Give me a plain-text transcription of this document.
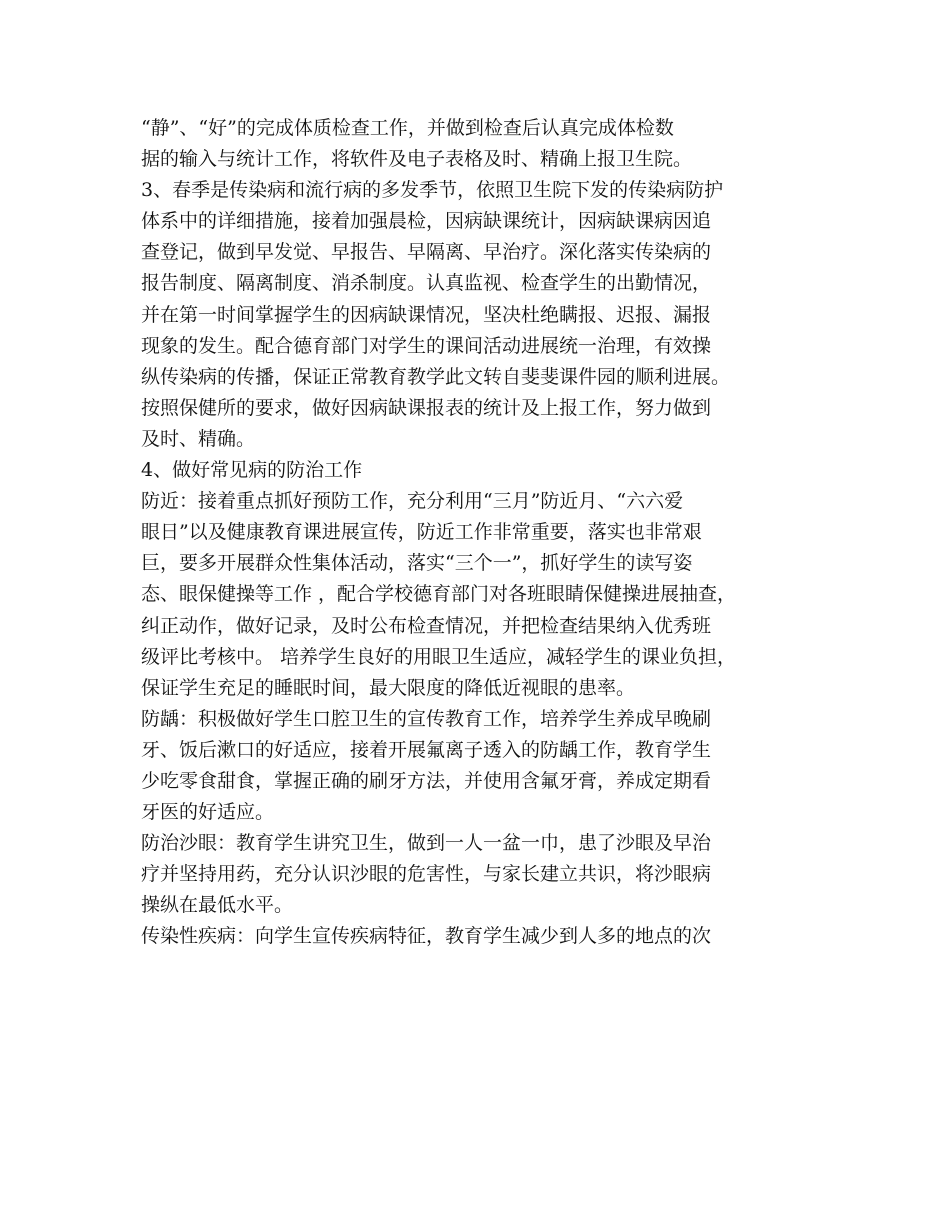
“静”、“好”的完成体质检查工作，并做到检查后认真完成体检数
据的输入与统计工作，将软件及电子表格及时、精确上报卫生院。
3、春季是传染病和流行病的多发季节，依照卫生院下发的传染病防护
体系中的详细措施，接着加强晨检，因病缺课统计，因病缺课病因追
查登记，做到早发觉、早报告、早隔离、早治疗。深化落实传染病的
报告制度、隔离制度、消杀制度。认真监视、检查学生的出勤情况，
并在第一时间掌握学生的因病缺课情况，坚决杜绝瞒报、迟报、漏报
现象的发生。配合德育部门对学生的课间活动进展统一治理，有效操
纵传染病的传播，保证正常教育教学此文转自斐斐课件园的顺利进展。
按照保健所的要求，做好因病缺课报表的统计及上报工作，努力做到
及时、精确。
4、做好常见病的防治工作
防近：接着重点抓好预防工作，充分利用“三月”防近月、“六六爱
眼日”以及健康教育课进展宣传，防近工作非常重要，落实也非常艰
巨，要多开展群众性集体活动，落实“三个一”，抓好学生的读写姿
态、眼保健操等工作 ，配合学校德育部门对各班眼睛保健操进展抽查，
纠正动作，做好记录，及时公布检查情况，并把检查结果纳入优秀班
级评比考核中。 培养学生良好的用眼卫生适应，减轻学生的课业负担，
保证学生充足的睡眠时间，最大限度的降低近视眼的患率。
防龋：积极做好学生口腔卫生的宣传教育工作，培养学生养成早晚刷
牙、饭后漱口的好适应，接着开展氟离子透入的防龋工作，教育学生
少吃零食甜食，掌握正确的刷牙方法，并使用含氟牙膏，养成定期看
牙医的好适应。
防治沙眼：教育学生讲究卫生，做到一人一盆一巾，患了沙眼及早治
疗并坚持用药，充分认识沙眼的危害性，与家长建立共识，将沙眼病
操纵在最低水平。
传染性疾病：向学生宣传疾病特征，教育学生减少到人多的地点的次
